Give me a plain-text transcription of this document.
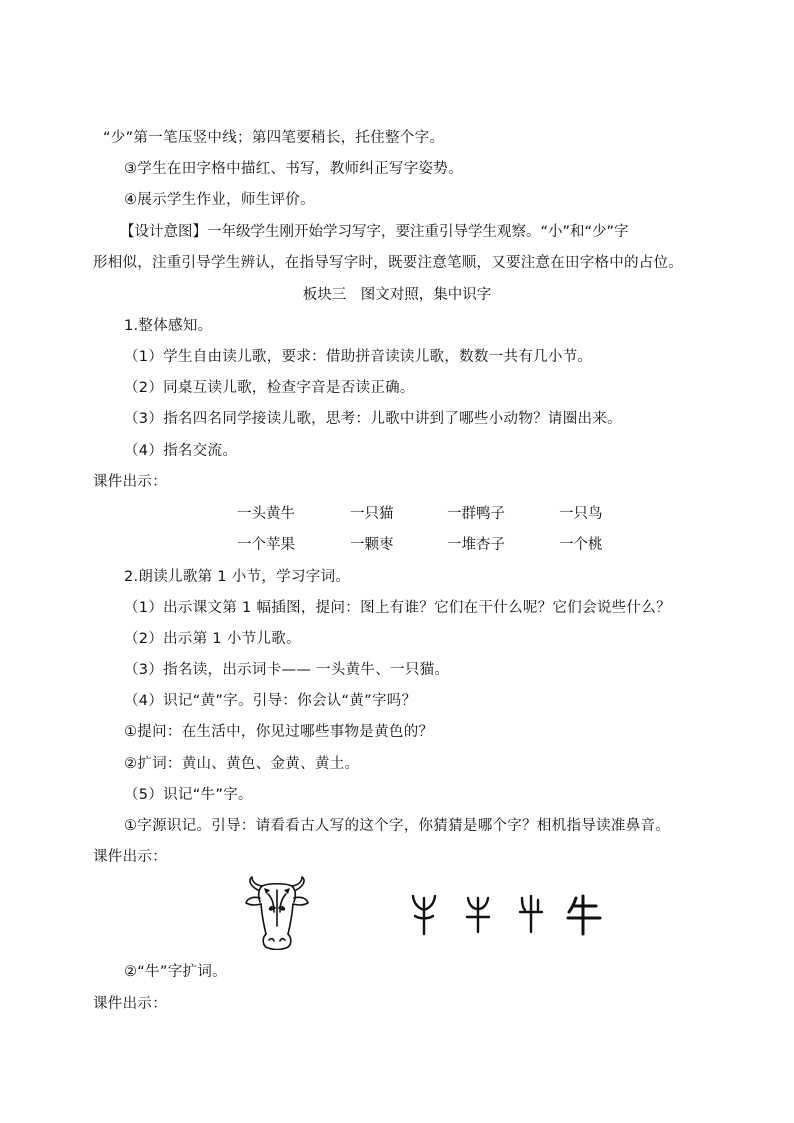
“少”第一笔压竖中线；第四笔要稍长，托住整个字。
③学生在田字格中描红、书写，教师纠正写字姿势。
④展示学生作业，师生评价。
【设计意图】一年级学生刚开始学习写字，要注重引导学生观察。“小”和“少”字
形相似，注重引导学生辨认，在指导写字时，既要注意笔顺，又要注意在田字格中的占位。
板块三　图文对照，集中识字
1.整体感知。
（1）学生自由读儿歌，要求：借助拼音读读儿歌，数数一共有几小节。
（2）同桌互读儿歌，检查字音是否读正确。
（3）指名四名同学接读儿歌，思考：儿歌中讲到了哪些小动物？请圈出来。
（4）指名交流。
课件出示：
一头黄牛	一只猫	一群鸭子	一只鸟
一个苹果	一颗枣	一堆杏子	一个桃
2.朗读儿歌第 1 小节，学习字词。
（1）出示课文第 1 幅插图，提问：图上有谁？它们在干什么呢？它们会说些什么？
（2）出示第 1 小节儿歌。
（3）指名读，出示词卡—— 一头黄牛、一只猫。
（4）识记“黄”字。引导：你会认“黄”字吗？
①提问：在生活中，你见过哪些事物是黄色的？
②扩词：黄山、黄色、金黄、黄土。
（5）识记“牛”字。
①字源识记。引导：请看看古人写的这个字，你猜猜是哪个字？相机指导读准鼻音。
课件出示：
②“牛”字扩词。
课件出示：
